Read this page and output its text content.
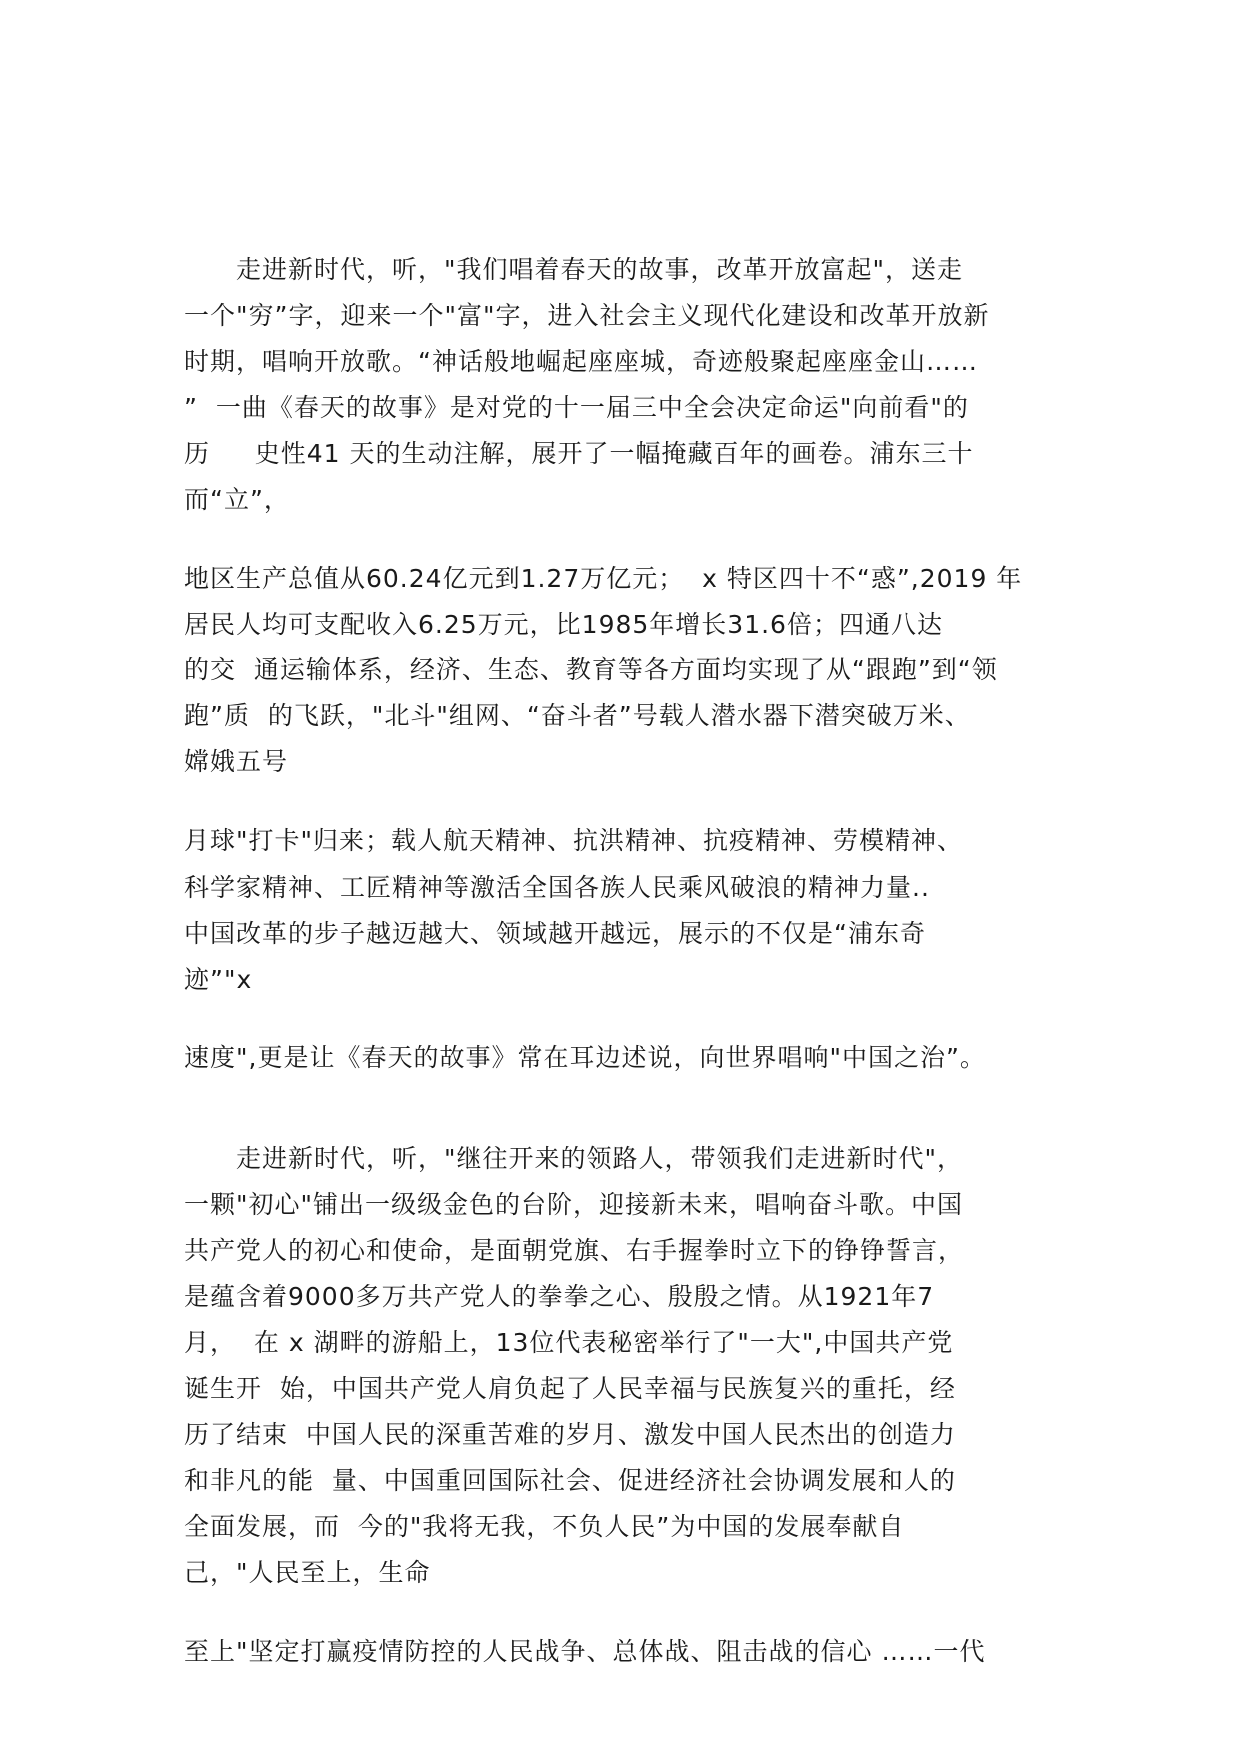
　　走进新时代，听，"我们唱着春天的故事，改革开放富起"，送走
一个"穷”字，迎来一个"富"字，进入社会主义现代化建设和改革开放新
时期，唱响开放歌。“神话般地崛起座座城，奇迹般聚起座座金山……
”  一曲《春天的故事》是对党的十一届三中全会决定命运"向前看"的
历     史性41 天的生动注解，展开了一幅掩藏百年的画卷。浦东三十
而“立”，
地区生产总值从60.24亿元到1.27万亿元；  x 特区四十不“惑”,2019 年
居民人均可支配收入6.25万元，比1985年增长31.6倍；四通八达
的交  通运输体系，经济、生态、教育等各方面均实现了从“跟跑”到“领
跑”质  的飞跃，"北斗"组网、“奋斗者”号载人潜水器下潜突破万米、
嫦娥五号
月球"打卡"归来；载人航天精神、抗洪精神、抗疫精神、劳模精神、
科学家精神、工匠精神等激活全国各族人民乘风破浪的精神力量..
中国改革的步子越迈越大、领域越开越远，展示的不仅是“浦东奇
迹”"x
速度",更是让《春天的故事》常在耳边述说，向世界唱响"中国之治”。
　　走进新时代，听，"继往开来的领路人，带领我们走进新时代"，
一颗"初心"铺出一级级金色的台阶，迎接新未来，唱响奋斗歌。中国
共产党人的初心和使命，是面朝党旗、右手握拳时立下的铮铮誓言，
是蕴含着9000多万共产党人的拳拳之心、殷殷之情。从1921年7
月，  在 x 湖畔的游船上，13位代表秘密举行了"一大",中国共产党
诞生开  始，中国共产党人肩负起了人民幸福与民族复兴的重托，经
历了结束  中国人民的深重苦难的岁月、激发中国人民杰出的创造力
和非凡的能  量、中国重回国际社会、促进经济社会协调发展和人的
全面发展，而  今的"我将无我，不负人民”为中国的发展奉献自
己，"人民至上，生命
至上"坚定打赢疫情防控的人民战争、总体战、阻击战的信心 ……一代
